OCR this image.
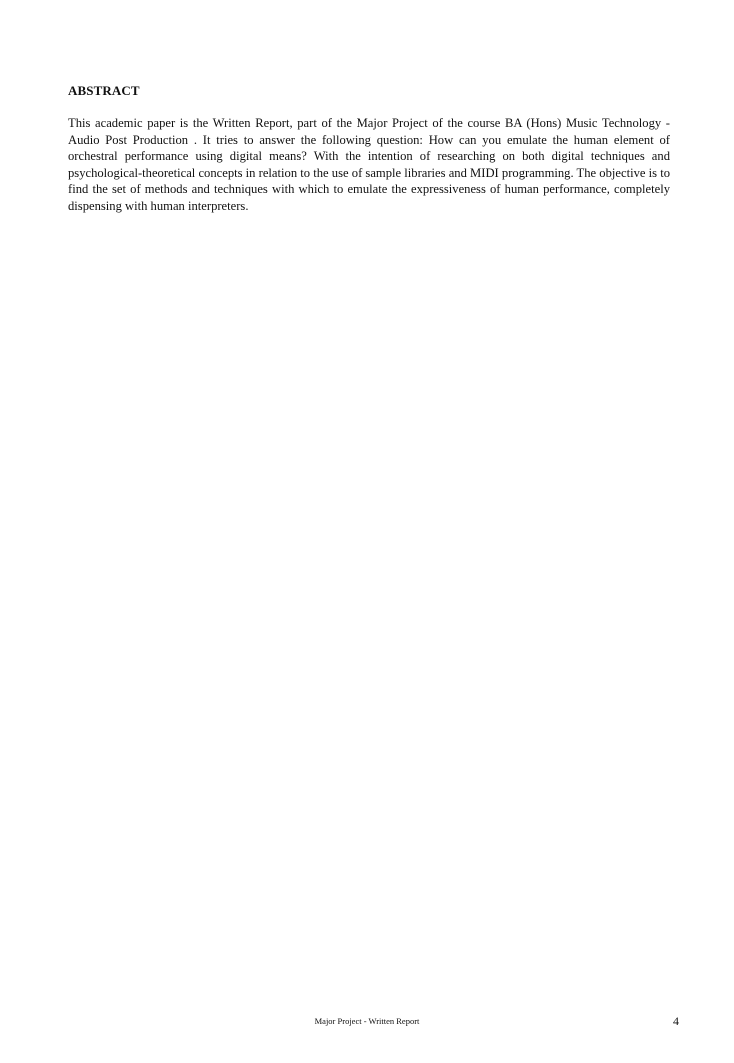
ABSTRACT

This academic paper is the Written Report, part of the Major Project of the course BA (Hons) Music Technology - Audio Post Production . It tries to answer the following question: How can you emulate the human element of orchestral performance using digital means? With the intention of researching on both digital techniques and psychological-theoretical concepts in relation to the use of sample libraries and MIDI programming. The objective is to find the set of methods and techniques with which to emulate the expressiveness of human performance, completely dispensing with human interpreters.

Major Project - Written Report	4
